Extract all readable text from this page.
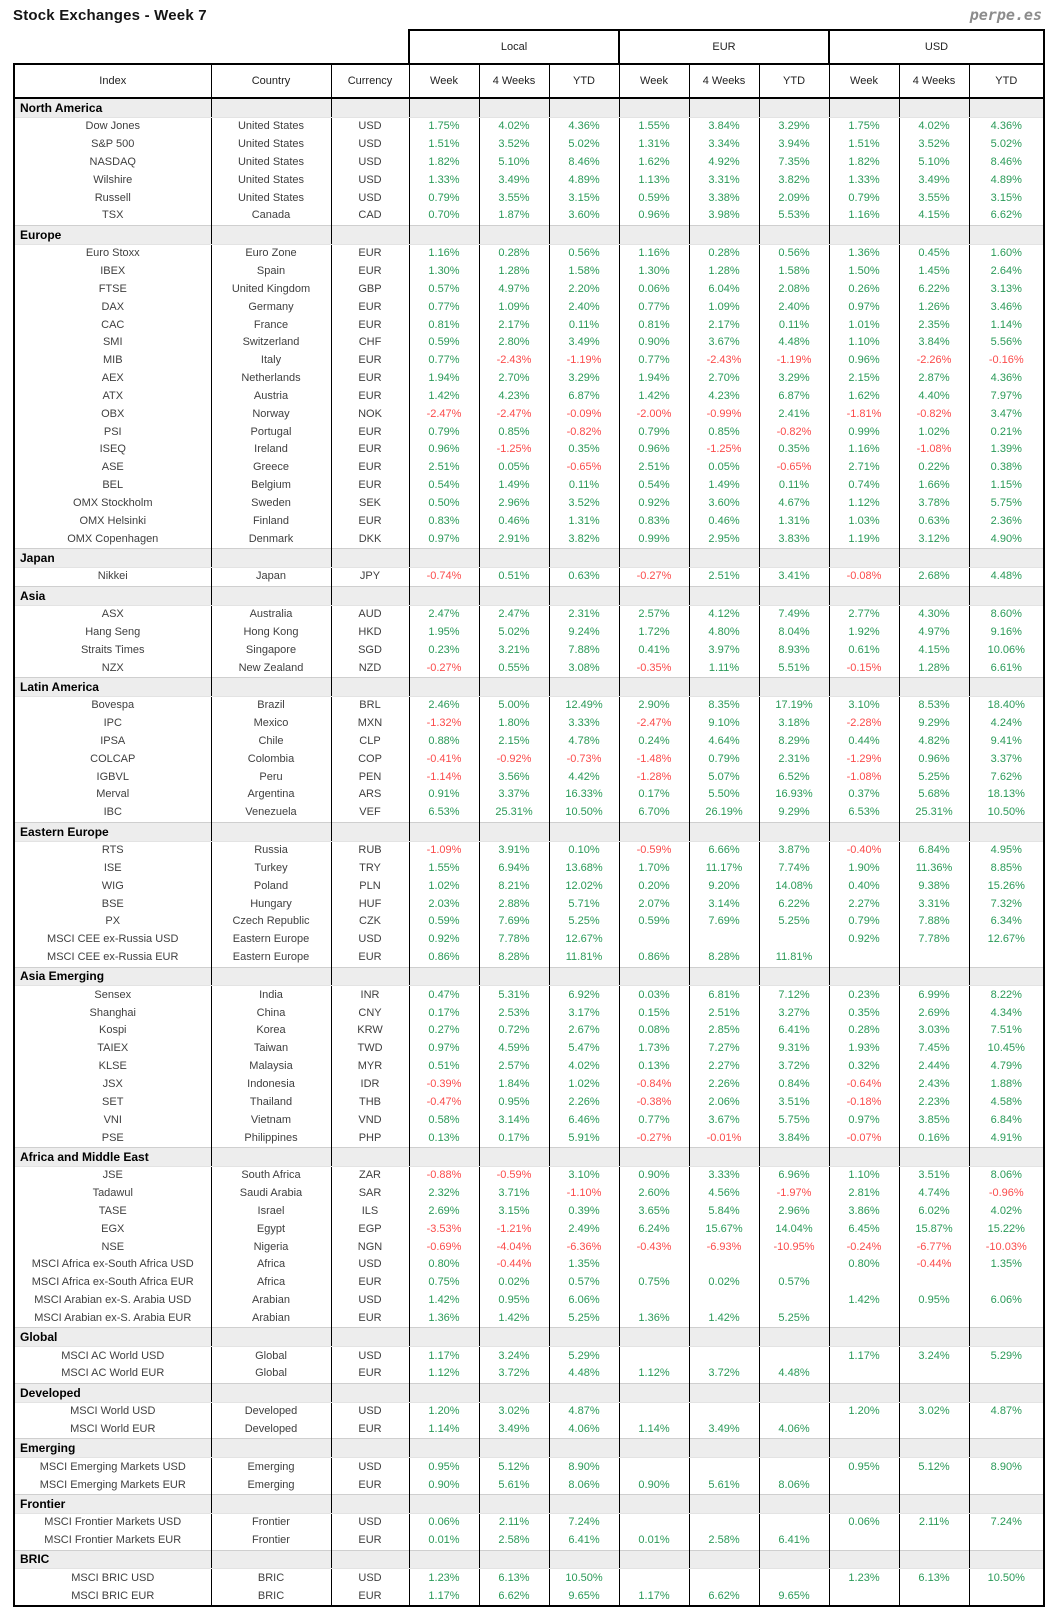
Stock Exchanges - Week 7	perpe.es
			Local			EUR			USD		
Index	Country	Currency	Week	4 Weeks	YTD	Week	4 Weeks	YTD	Week	4 Weeks	YTD
North America											
Dow Jones	United States	USD	1.75%	4.02%	4.36%	1.55%	3.84%	3.29%	1.75%	4.02%	4.36%
S&P 500	United States	USD	1.51%	3.52%	5.02%	1.31%	3.34%	3.94%	1.51%	3.52%	5.02%
NASDAQ	United States	USD	1.82%	5.10%	8.46%	1.62%	4.92%	7.35%	1.82%	5.10%	8.46%
Wilshire	United States	USD	1.33%	3.49%	4.89%	1.13%	3.31%	3.82%	1.33%	3.49%	4.89%
Russell	United States	USD	0.79%	3.55%	3.15%	0.59%	3.38%	2.09%	0.79%	3.55%	3.15%
TSX	Canada	CAD	0.70%	1.87%	3.60%	0.96%	3.98%	5.53%	1.16%	4.15%	6.62%
Europe											
Euro Stoxx	Euro Zone	EUR	1.16%	0.28%	0.56%	1.16%	0.28%	0.56%	1.36%	0.45%	1.60%
IBEX	Spain	EUR	1.30%	1.28%	1.58%	1.30%	1.28%	1.58%	1.50%	1.45%	2.64%
FTSE	United Kingdom	GBP	0.57%	4.97%	2.20%	0.06%	6.04%	2.08%	0.26%	6.22%	3.13%
DAX	Germany	EUR	0.77%	1.09%	2.40%	0.77%	1.09%	2.40%	0.97%	1.26%	3.46%
CAC	France	EUR	0.81%	2.17%	0.11%	0.81%	2.17%	0.11%	1.01%	2.35%	1.14%
SMI	Switzerland	CHF	0.59%	2.80%	3.49%	0.90%	3.67%	4.48%	1.10%	3.84%	5.56%
MIB	Italy	EUR	0.77%	-2.43%	-1.19%	0.77%	-2.43%	-1.19%	0.96%	-2.26%	-0.16%
AEX	Netherlands	EUR	1.94%	2.70%	3.29%	1.94%	2.70%	3.29%	2.15%	2.87%	4.36%
ATX	Austria	EUR	1.42%	4.23%	6.87%	1.42%	4.23%	6.87%	1.62%	4.40%	7.97%
OBX	Norway	NOK	-2.47%	-2.47%	-0.09%	-2.00%	-0.99%	2.41%	-1.81%	-0.82%	3.47%
PSI	Portugal	EUR	0.79%	0.85%	-0.82%	0.79%	0.85%	-0.82%	0.99%	1.02%	0.21%
ISEQ	Ireland	EUR	0.96%	-1.25%	0.35%	0.96%	-1.25%	0.35%	1.16%	-1.08%	1.39%
ASE	Greece	EUR	2.51%	0.05%	-0.65%	2.51%	0.05%	-0.65%	2.71%	0.22%	0.38%
BEL	Belgium	EUR	0.54%	1.49%	0.11%	0.54%	1.49%	0.11%	0.74%	1.66%	1.15%
OMX Stockholm	Sweden	SEK	0.50%	2.96%	3.52%	0.92%	3.60%	4.67%	1.12%	3.78%	5.75%
OMX Helsinki	Finland	EUR	0.83%	0.46%	1.31%	0.83%	0.46%	1.31%	1.03%	0.63%	2.36%
OMX Copenhagen	Denmark	DKK	0.97%	2.91%	3.82%	0.99%	2.95%	3.83%	1.19%	3.12%	4.90%
Japan											
Nikkei	Japan	JPY	-0.74%	0.51%	0.63%	-0.27%	2.51%	3.41%	-0.08%	2.68%	4.48%
Asia											
ASX	Australia	AUD	2.47%	2.47%	2.31%	2.57%	4.12%	7.49%	2.77%	4.30%	8.60%
Hang Seng	Hong Kong	HKD	1.95%	5.02%	9.24%	1.72%	4.80%	8.04%	1.92%	4.97%	9.16%
Straits Times	Singapore	SGD	0.23%	3.21%	7.88%	0.41%	3.97%	8.93%	0.61%	4.15%	10.06%
NZX	New Zealand	NZD	-0.27%	0.55%	3.08%	-0.35%	1.11%	5.51%	-0.15%	1.28%	6.61%
Latin America											
Bovespa	Brazil	BRL	2.46%	5.00%	12.49%	2.90%	8.35%	17.19%	3.10%	8.53%	18.40%
IPC	Mexico	MXN	-1.32%	1.80%	3.33%	-2.47%	9.10%	3.18%	-2.28%	9.29%	4.24%
IPSA	Chile	CLP	0.88%	2.15%	4.78%	0.24%	4.64%	8.29%	0.44%	4.82%	9.41%
COLCAP	Colombia	COP	-0.41%	-0.92%	-0.73%	-1.48%	0.79%	2.31%	-1.29%	0.96%	3.37%
IGBVL	Peru	PEN	-1.14%	3.56%	4.42%	-1.28%	5.07%	6.52%	-1.08%	5.25%	7.62%
Merval	Argentina	ARS	0.91%	3.37%	16.33%	0.17%	5.50%	16.93%	0.37%	5.68%	18.13%
IBC	Venezuela	VEF	6.53%	25.31%	10.50%	6.70%	26.19%	9.29%	6.53%	25.31%	10.50%
Eastern Europe											
RTS	Russia	RUB	-1.09%	3.91%	0.10%	-0.59%	6.66%	3.87%	-0.40%	6.84%	4.95%
ISE	Turkey	TRY	1.55%	6.94%	13.68%	1.70%	11.17%	7.74%	1.90%	11.36%	8.85%
WIG	Poland	PLN	1.02%	8.21%	12.02%	0.20%	9.20%	14.08%	0.40%	9.38%	15.26%
BSE	Hungary	HUF	2.03%	2.88%	5.71%	2.07%	3.14%	6.22%	2.27%	3.31%	7.32%
PX	Czech Republic	CZK	0.59%	7.69%	5.25%	0.59%	7.69%	5.25%	0.79%	7.88%	6.34%
MSCI CEE ex-Russia USD	Eastern Europe	USD	0.92%	7.78%	12.67%				0.92%	7.78%	12.67%
MSCI CEE ex-Russia EUR	Eastern Europe	EUR	0.86%	8.28%	11.81%	0.86%	8.28%	11.81%			
Asia Emerging											
Sensex	India	INR	0.47%	5.31%	6.92%	0.03%	6.81%	7.12%	0.23%	6.99%	8.22%
Shanghai	China	CNY	0.17%	2.53%	3.17%	0.15%	2.51%	3.27%	0.35%	2.69%	4.34%
Kospi	Korea	KRW	0.27%	0.72%	2.67%	0.08%	2.85%	6.41%	0.28%	3.03%	7.51%
TAIEX	Taiwan	TWD	0.97%	4.59%	5.47%	1.73%	7.27%	9.31%	1.93%	7.45%	10.45%
KLSE	Malaysia	MYR	0.51%	2.57%	4.02%	0.13%	2.27%	3.72%	0.32%	2.44%	4.79%
JSX	Indonesia	IDR	-0.39%	1.84%	1.02%	-0.84%	2.26%	0.84%	-0.64%	2.43%	1.88%
SET	Thailand	THB	-0.47%	0.95%	2.26%	-0.38%	2.06%	3.51%	-0.18%	2.23%	4.58%
VNI	Vietnam	VND	0.58%	3.14%	6.46%	0.77%	3.67%	5.75%	0.97%	3.85%	6.84%
PSE	Philippines	PHP	0.13%	0.17%	5.91%	-0.27%	-0.01%	3.84%	-0.07%	0.16%	4.91%
Africa and Middle East											
JSE	South Africa	ZAR	-0.88%	-0.59%	3.10%	0.90%	3.33%	6.96%	1.10%	3.51%	8.06%
Tadawul	Saudi Arabia	SAR	2.32%	3.71%	-1.10%	2.60%	4.56%	-1.97%	2.81%	4.74%	-0.96%
TASE	Israel	ILS	2.69%	3.15%	0.39%	3.65%	5.84%	2.96%	3.86%	6.02%	4.02%
EGX	Egypt	EGP	-3.53%	-1.21%	2.49%	6.24%	15.67%	14.04%	6.45%	15.87%	15.22%
NSE	Nigeria	NGN	-0.69%	-4.04%	-6.36%	-0.43%	-6.93%	-10.95%	-0.24%	-6.77%	-10.03%
MSCI Africa ex-South Africa USD	Africa	USD	0.80%	-0.44%	1.35%				0.80%	-0.44%	1.35%
MSCI Africa ex-South Africa EUR	Africa	EUR	0.75%	0.02%	0.57%	0.75%	0.02%	0.57%			
MSCI Arabian ex-S. Arabia USD	Arabian	USD	1.42%	0.95%	6.06%				1.42%	0.95%	6.06%
MSCI Arabian ex-S. Arabia EUR	Arabian	EUR	1.36%	1.42%	5.25%	1.36%	1.42%	5.25%			
Global											
MSCI AC World USD	Global	USD	1.17%	3.24%	5.29%				1.17%	3.24%	5.29%
MSCI AC World EUR	Global	EUR	1.12%	3.72%	4.48%	1.12%	3.72%	4.48%			
Developed											
MSCI World USD	Developed	USD	1.20%	3.02%	4.87%				1.20%	3.02%	4.87%
MSCI World EUR	Developed	EUR	1.14%	3.49%	4.06%	1.14%	3.49%	4.06%			
Emerging											
MSCI Emerging Markets USD	Emerging	USD	0.95%	5.12%	8.90%				0.95%	5.12%	8.90%
MSCI Emerging Markets EUR	Emerging	EUR	0.90%	5.61%	8.06%	0.90%	5.61%	8.06%			
Frontier											
MSCI Frontier Markets USD	Frontier	USD	0.06%	2.11%	7.24%				0.06%	2.11%	7.24%
MSCI Frontier Markets EUR	Frontier	EUR	0.01%	2.58%	6.41%	0.01%	2.58%	6.41%			
BRIC											
MSCI BRIC USD	BRIC	USD	1.23%	6.13%	10.50%				1.23%	6.13%	10.50%
MSCI BRIC EUR	BRIC	EUR	1.17%	6.62%	9.65%	1.17%	6.62%	9.65%			
